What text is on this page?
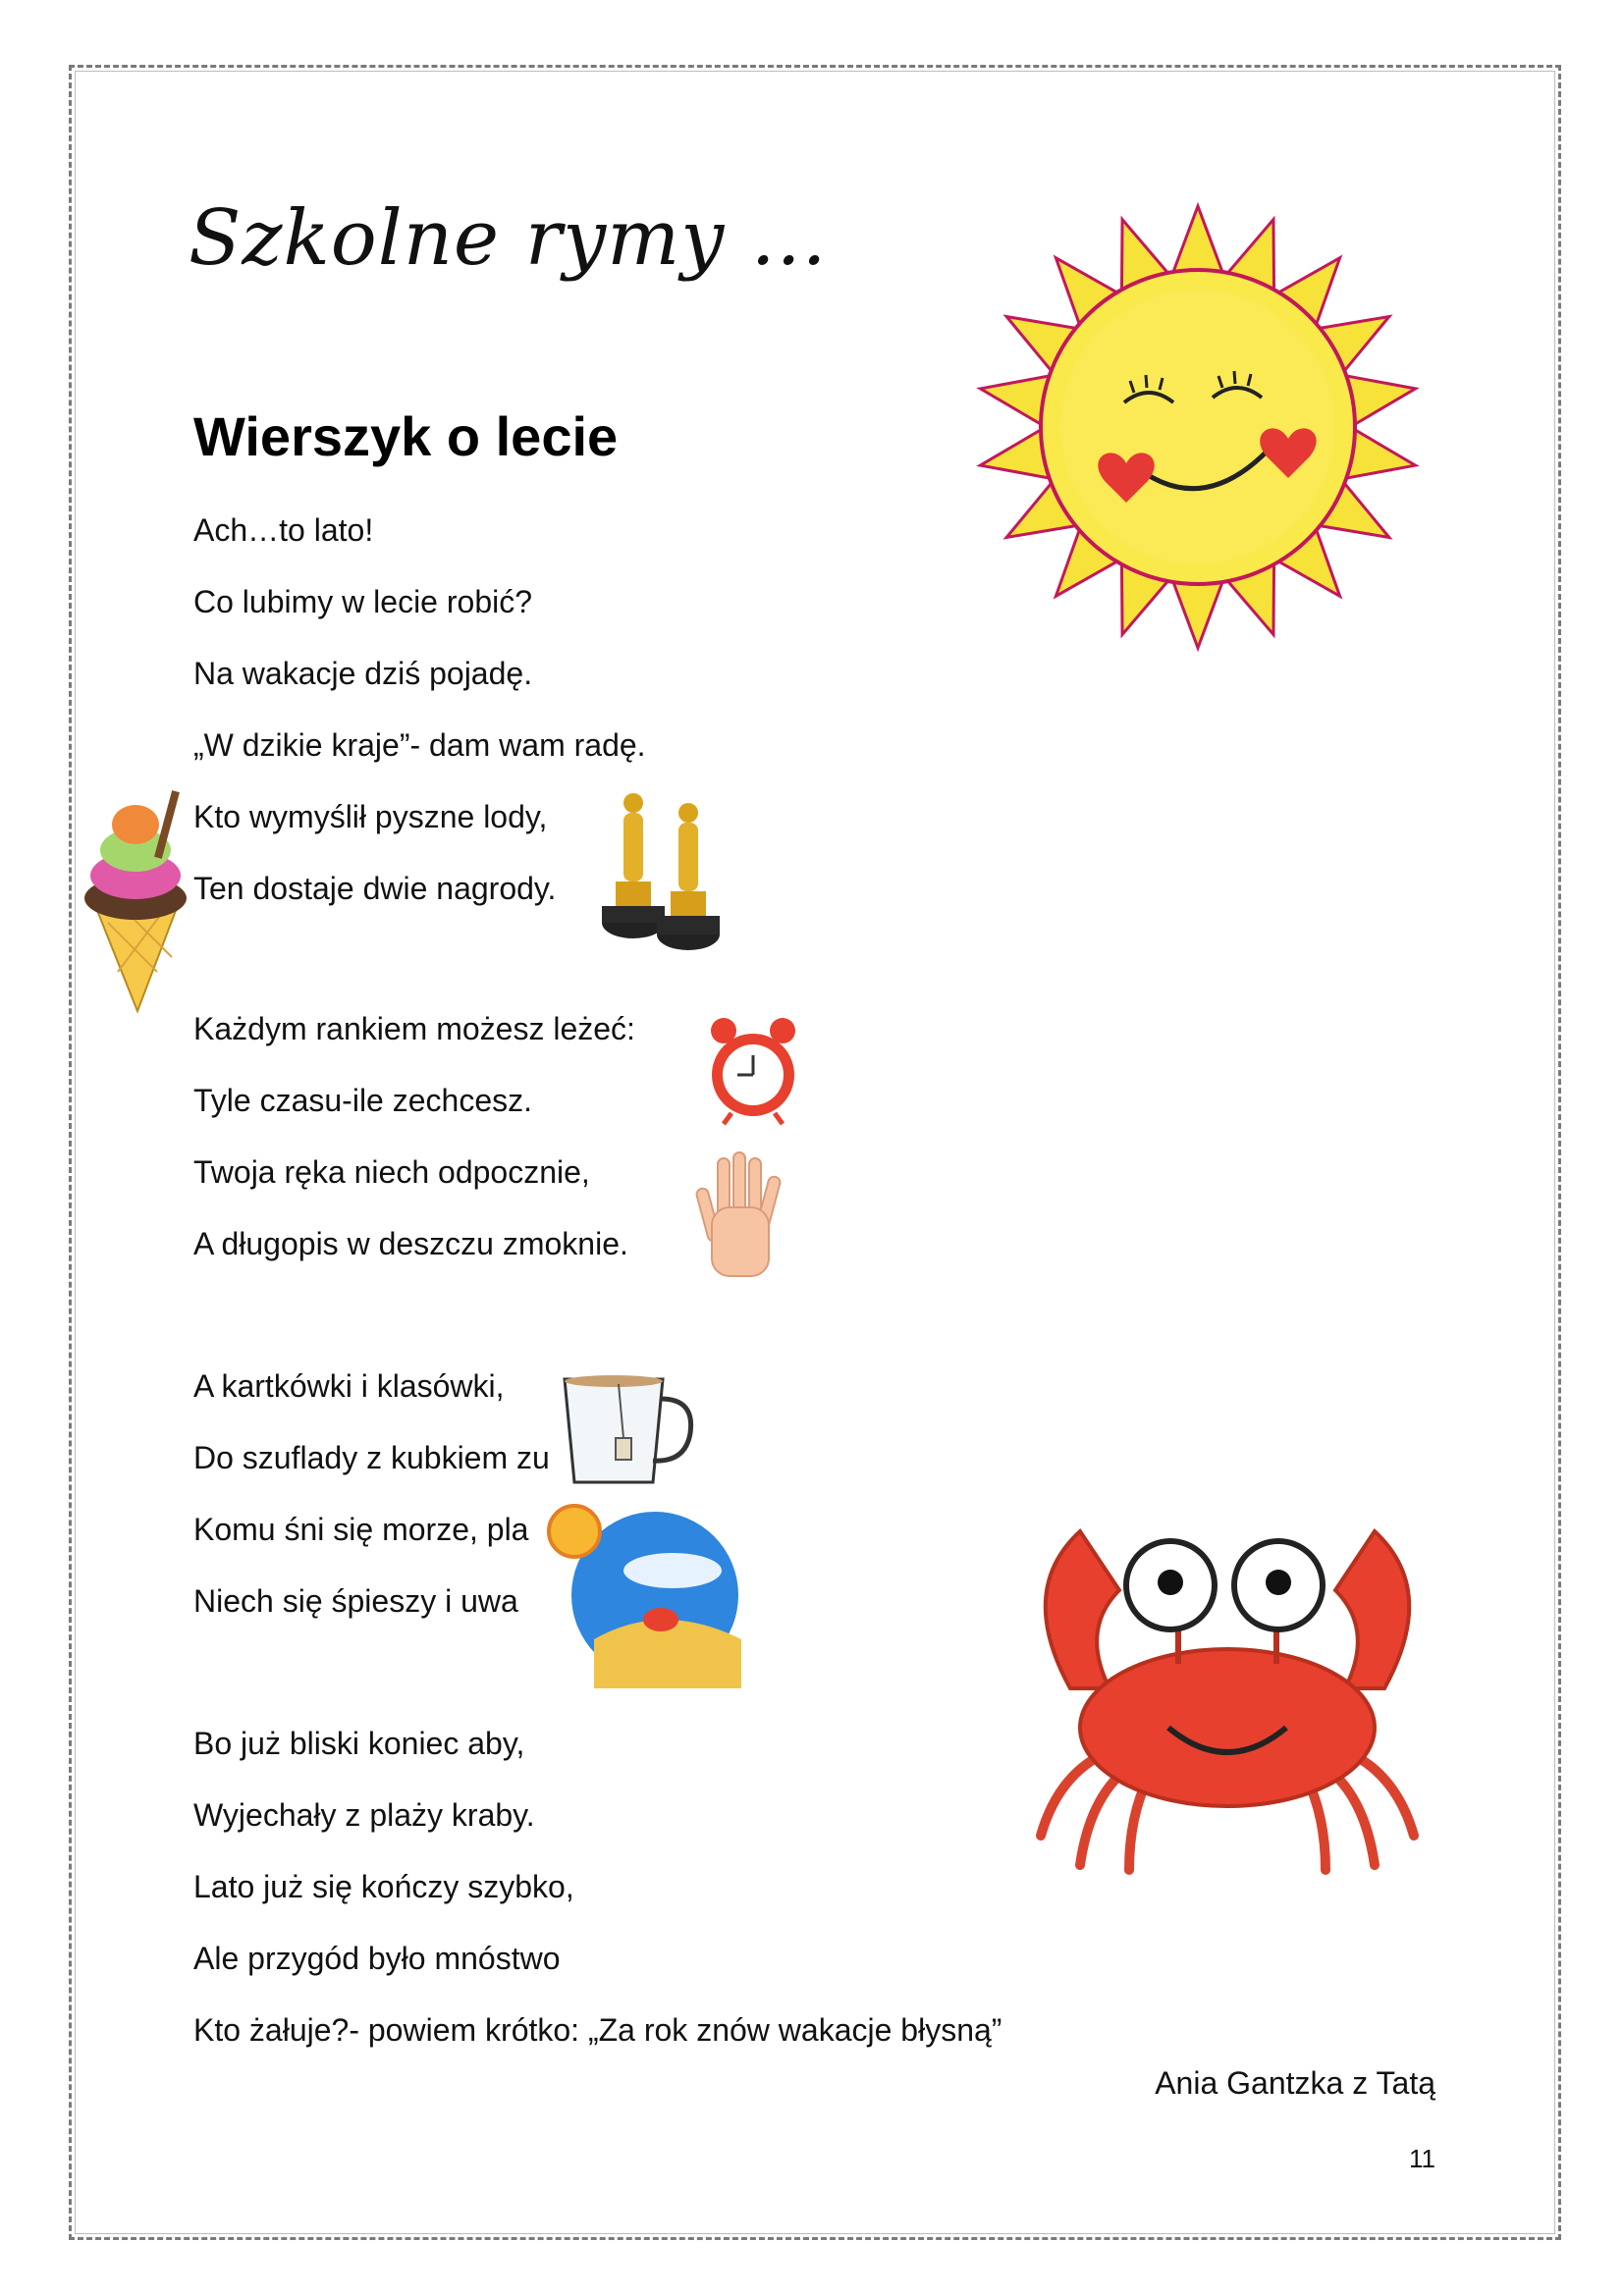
Szkolne rymy …
Wierszyk o lecie
Ach…to lato!
Co lubimy w lecie robić?
Na wakacje dziś pojadę.
„W dzikie kraje”- dam wam radę.
Kto wymyślił pyszne lody,
Ten dostaje dwie nagrody.
Każdym rankiem możesz leżeć:
Tyle czasu-ile zechcesz.
Twoja ręka niech odpocznie,
A długopis w deszczu zmoknie.
A kartkówki i klasówki,
Do szuflady z kubkiem zu
Komu śni się morze, pla
Niech się śpieszy i uwa
Bo już bliski koniec aby,
Wyjechały z plaży kraby.
Lato już się kończy szybko,
Ale przygód było mnóstwo
Kto żałuje?- powiem krótko: „Za rok znów wakacje błysną”
Ania Gantzka z Tatą
11
